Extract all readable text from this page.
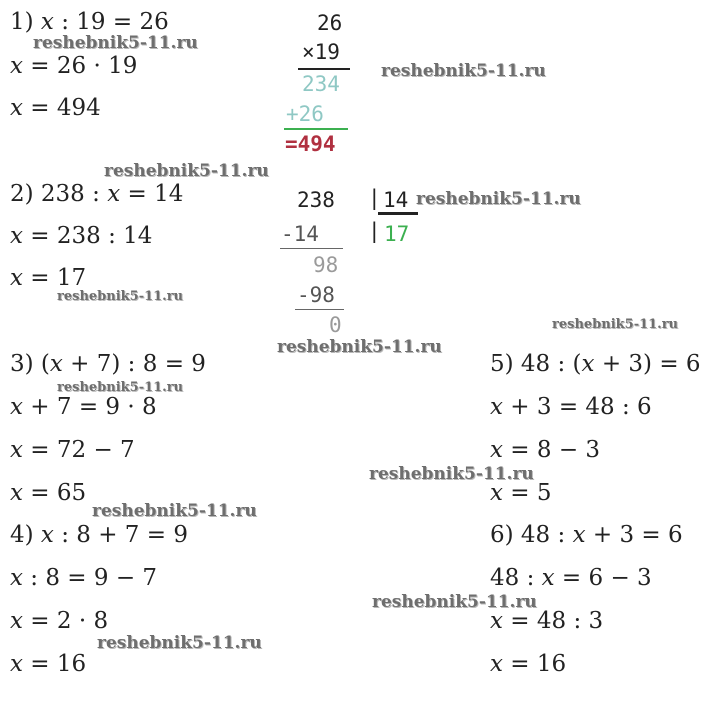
1) x : 19 = 26
x = 26 · 19
x = 494
26
×19
234
+26
=494
2) 238 : x = 14
x = 238 : 14
x = 17
238 | 14
| 17
-14
98
-98
0
3) (x + 7) : 8 = 9
x + 7 = 9 · 8
x = 72 − 7
x = 65
4) x : 8 + 7 = 9
x : 8 = 9 − 7
x = 2 · 8
x = 16
5) 48 : (x + 3) = 6
x + 3 = 48 : 6
x = 8 − 3
x = 5
6) 48 : x + 3 = 6
48 : x = 6 − 3
x = 48 : 3
x = 16
reshebnik5-11.ru
reshebnik5-11.ru
reshebnik5-11.ru
reshebnik5-11.ru
reshebnik5-11.ru
reshebnik5-11.ru
reshebnik5-11.ru
reshebnik5-11.ru
reshebnik5-11.ru
reshebnik5-11.ru
reshebnik5-11.ru
reshebnik5-11.ru
